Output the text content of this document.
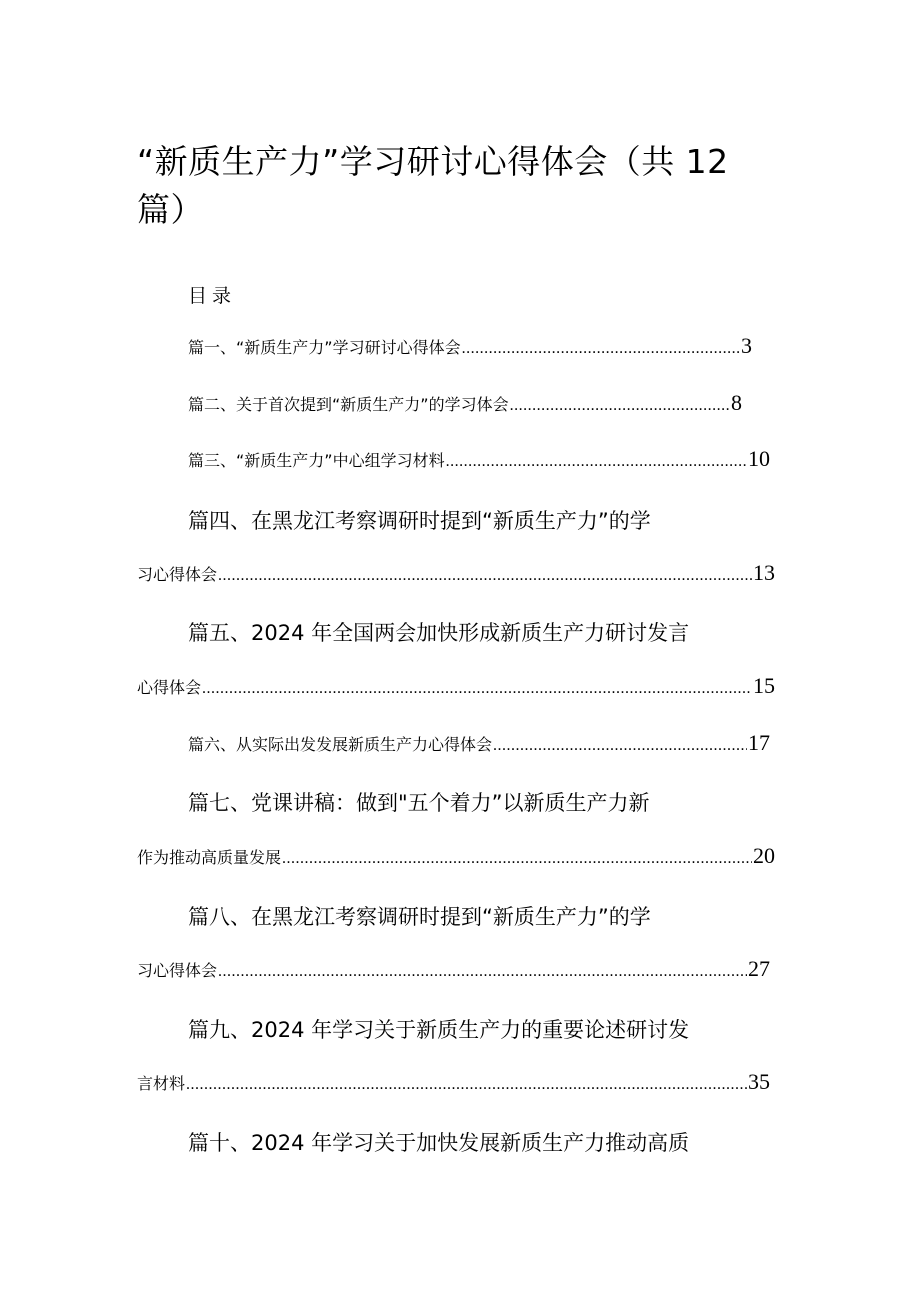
“新质生产力”学习研讨心得体会（共 12
篇）
目录
篇一、“新质生产力”学习研讨心得体会 .....	3
篇二、关于首次提到“新质生产力”的学习体会 .....	8
篇三、“新质生产力”中心组学习材料 .....	10
篇四、在黑龙江考察调研时提到“新质生产力”的学
习心得体会 .....	13
篇五、2024 年全国两会加快形成新质生产力研讨发言
心得体会 .....	15
篇六、从实际出发发展新质生产力心得体会 .....	17
篇七、党课讲稿：做到"五个着力”以新质生产力新
作为推动高质量发展 .....	20
篇八、在黑龙江考察调研时提到“新质生产力”的学
习心得体会 .....	27
篇九、2024 年学习关于新质生产力的重要论述研讨发
言材料 .....	35
篇十、2024 年学习关于加快发展新质生产力推动高质
